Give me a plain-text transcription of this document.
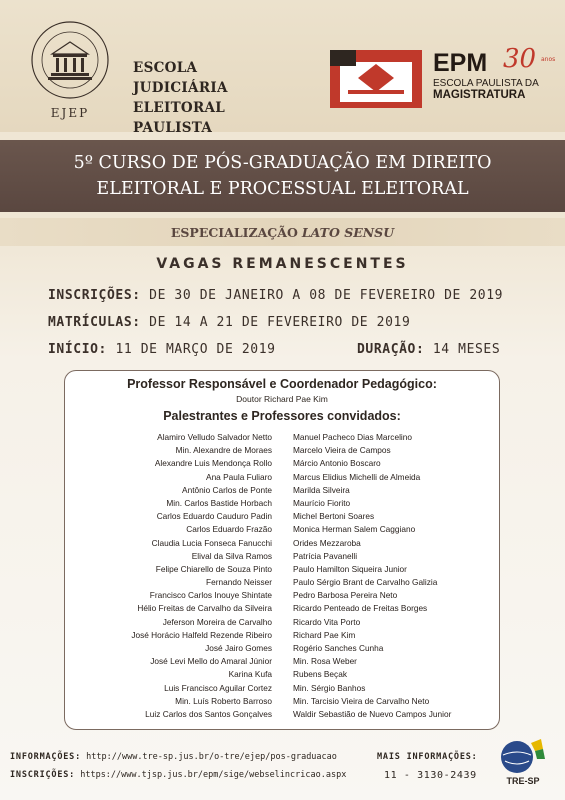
EJEP
ESCOLA JUDICIÁRIA
ELEITORAL PAULISTA
EPM 30 anos
ESCOLA PAULISTA DA
MAGISTRATURA
5º CURSO DE PÓS-GRADUAÇÃO EM DIREITO
ELEITORAL E PROCESSUAL ELEITORAL
ESPECIALIZAÇÃO LATO SENSU
VAGAS REMANESCENTES
INSCRIÇÕES: DE 30 DE JANEIRO A 08 DE FEVEREIRO DE 2019
MATRÍCULAS: DE 14 A 21 DE FEVEREIRO DE 2019
INÍCIO: 11 DE MARÇO DE 2019	DURAÇÃO: 14 MESES
Professor Responsável e Coordenador Pedagógico:
Doutor Richard Pae Kim
Palestrantes e Professores convidados:
Alamiro Velludo Salvador Netto
Min. Alexandre de Moraes
Alexandre Luis Mendonça Rollo
Ana Paula Fuliaro
Antônio Carlos de Ponte
Min. Carlos Bastide Horbach
Carlos Eduardo Cauduro Padin
Carlos Eduardo Frazão
Claudia Lucia Fonseca Fanucchi
Elival da Silva Ramos
Felipe Chiarello de Souza Pinto
Fernando Neisser
Francisco Carlos Inouye Shintate
Hélio Freitas de Carvalho da Silveira
Jeferson Moreira de Carvalho
José Horácio Halfeld Rezende Ribeiro
José Jairo Gomes
José Levi Mello do Amaral Júnior
Karina Kufa
Luis Francisco Aguilar Cortez
Min. Luís Roberto Barroso
Luiz Carlos dos Santos Gonçalves
Manuel Pacheco Dias Marcelino
Marcelo Vieira de Campos
Márcio Antonio Boscaro
Marcus Elidius Michelli de Almeida
Marilda Silveira
Maurício Fiorito
Michel Bertoni Soares
Monica Herman Salem Caggiano
Orides Mezzaroba
Patrícia Pavanelli
Paulo Hamilton Siqueira Junior
Paulo Sérgio Brant de Carvalho Galizia
Pedro Barbosa Pereira Neto
Ricardo Penteado de Freitas Borges
Ricardo Vita Porto
Richard Pae Kim
Rogério Sanches Cunha
Min. Rosa Weber
Rubens Beçak
Min. Sérgio Banhos
Min. Tarcisio Vieira de Carvalho Neto
Waldir Sebastião de Nuevo Campos Junior
INFORMAÇÕES: http://www.tre-sp.jus.br/o-tre/ejep/pos-graduacao
INSCRIÇÕES: https://www.tjsp.jus.br/epm/sige/webselincricao.aspx
MAIS INFORMAÇÕES:
11 - 3130-2439	TRE-SP
